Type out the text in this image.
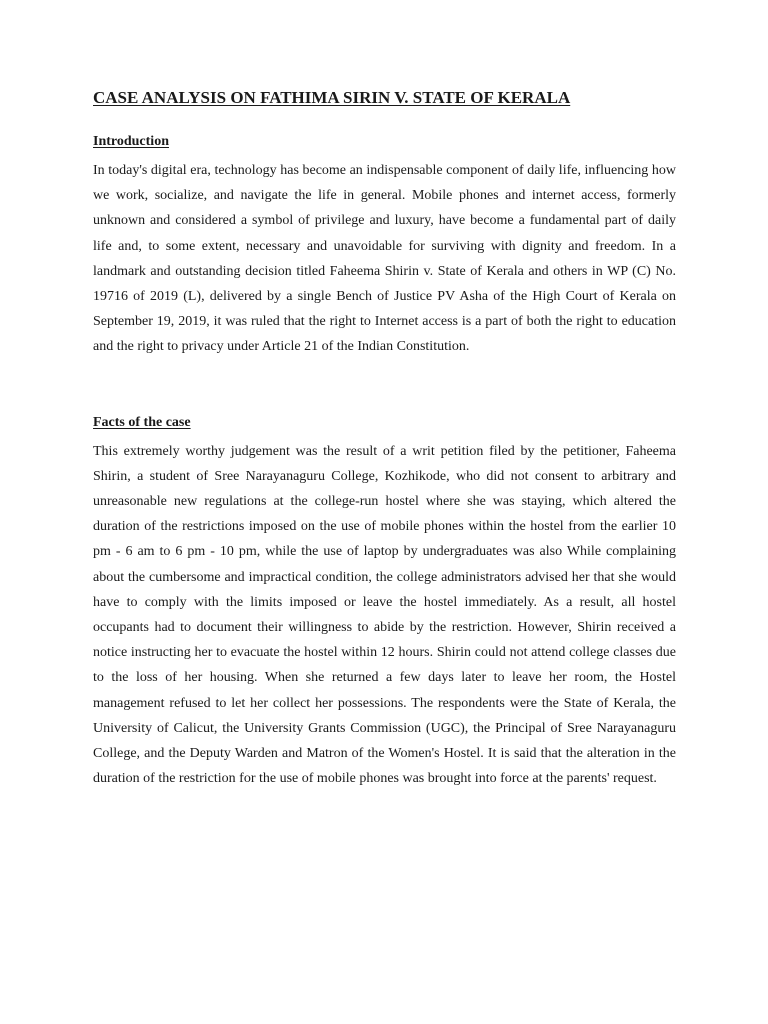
CASE ANALYSIS ON FATHIMA SIRIN V. STATE OF KERALA
Introduction

In today's digital era, technology has become an indispensable component of daily life, influencing how we work, socialize, and navigate the life in general. Mobile phones and internet access, formerly unknown and considered a symbol of privilege and luxury, have become a fundamental part of daily life and, to some extent, necessary and unavoidable for surviving with dignity and freedom. In a landmark and outstanding decision titled Faheema Shirin v. State of Kerala and others in WP (C) No. 19716 of 2019 (L), delivered by a single Bench of Justice PV Asha of the High Court of Kerala on September 19, 2019, it was ruled that the right to Internet access is a part of both the right to education and the right to privacy under Article 21 of the Indian Constitution.

Facts of the case

This extremely worthy judgement was the result of a writ petition filed by the petitioner, Faheema Shirin, a student of Sree Narayanaguru College, Kozhikode, who did not consent to arbitrary and unreasonable new regulations at the college-run hostel where she was staying, which altered the duration of the restrictions imposed on the use of mobile phones within the hostel from the earlier 10 pm - 6 am to 6 pm - 10 pm, while the use of laptop by undergraduates was also While complaining about the cumbersome and impractical condition, the college administrators advised her that she would have to comply with the limits imposed or leave the hostel immediately. As a result, all hostel occupants had to document their willingness to abide by the restriction. However, Shirin received a notice instructing her to evacuate the hostel within 12 hours. Shirin could not attend college classes due to the loss of her housing. When she returned a few days later to leave her room, the Hostel management refused to let her collect her possessions. The respondents were the State of Kerala, the University of Calicut, the University Grants Commission (UGC), the Principal of Sree Narayanaguru College, and the Deputy Warden and Matron of the Women's Hostel. It is said that the alteration in the duration of the restriction for the use of mobile phones was brought into force at the parents' request.
